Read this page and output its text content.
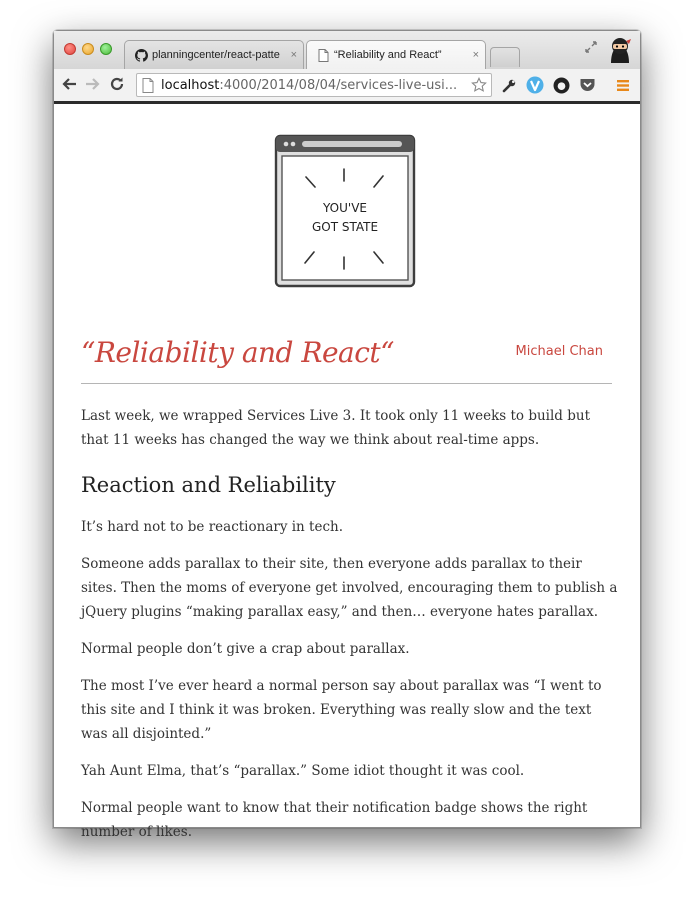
planningcenter/react-patte ×	“Reliability and React”	×
localhost :4000/2014/08/04/services-live-usi...
YOU'VE
GOT STATE
“Reliability and React“	Michael Chan

Last week, we wrapped Services Live 3. It took only 11 weeks to build but that 11 weeks has changed the way we think about real-time apps.

Reaction and Reliability

It’s hard not to be reactionary in tech.

Someone adds parallax to their site, then everyone adds parallax to their sites. Then the moms of everyone get involved, encouraging them to publish a jQuery plugins “making parallax easy,” and then… everyone hates parallax.

Normal people don’t give a crap about parallax.

The most I’ve ever heard a normal person say about parallax was “I went to this site and I think it was broken. Everything was really slow and the text was all disjointed.”

Yah Aunt Elma, that’s “parallax.” Some idiot thought it was cool.

Normal people want to know that their notification badge shows the right number of likes.
